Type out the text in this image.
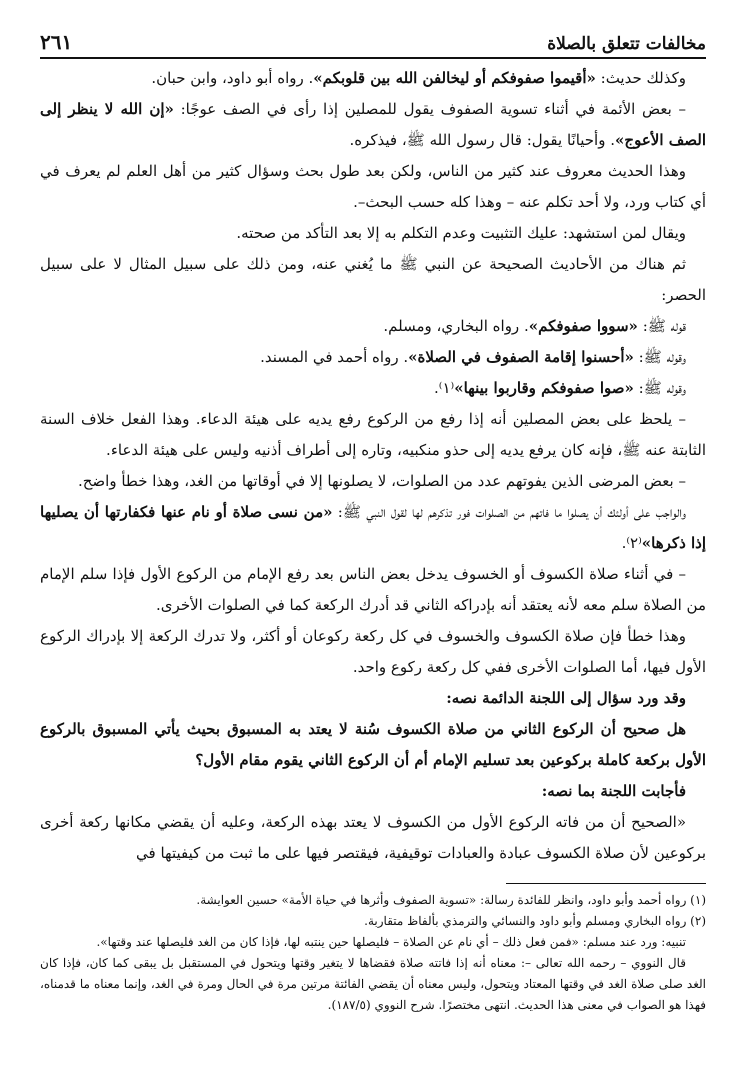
مخالفات تتعلق بالصلاة
٢٦١

وكذلك حديث: «أقيموا صفوفكم أو ليخالفن الله بين قلوبكم». رواه أبو داود، وابن حبان.

– بعض الأئمة في أثناء تسوية الصفوف يقول للمصلين إذا رأى في الصف عوجًا: «إن الله لا ينظر إلى الصف الأعوج». وأحيانًا يقول: قال رسول الله ﷺ، فيذكره.

وهذا الحديث معروف عند كثير من الناس، ولكن بعد طول بحث وسؤال كثير من أهل العلم لم يعرف في أي كتاب ورد، ولا أحد تكلم عنه – وهذا كله حسب البحث–.

ويقال لمن استشهد: عليك التثبيت وعدم التكلم به إلا بعد التأكد من صحته.

ثم هناك من الأحاديث الصحيحة عن النبي ﷺ ما يُغني عنه، ومن ذلك على سبيل المثال لا على سبيل الحصر:

قوله ﷺ: «سووا صفوفكم». رواه البخاري، ومسلم.

وقوله ﷺ: «أحسنوا إقامة الصفوف في الصلاة». رواه أحمد في المسند.

وقوله ﷺ: «صوا صفوفكم وقاربوا بينها»⁽١⁾.

– يلحظ على بعض المصلين أنه إذا رفع من الركوع رفع يديه على هيئة الدعاء. وهذا الفعل خلاف السنة الثابتة عنه ﷺ، فإنه كان يرفع يديه إلى حذو منكبيه، وتاره إلى أطراف أذنيه وليس على هيئة الدعاء.

– بعض المرضى الذين يفوتهم عدد من الصلوات، لا يصلونها إلا في أوقاتها من الغد، وهذا خطأ واضح.

والواجب على أولئك أن يصلوا ما فاتهم من الصلوات فور تذكرهم لها لقول النبي ﷺ: «من نسى صلاة أو نام عنها فكفارتها أن يصليها إذا ذكرها»⁽٢⁾.

– في أثناء صلاة الكسوف أو الخسوف يدخل بعض الناس بعد رفع الإمام من الركوع الأول فإذا سلم الإمام من الصلاة سلم معه لأنه يعتقد أنه بإدراكه الثاني قد أدرك الركعة كما في الصلوات الأخرى.

وهذا خطأ فإن صلاة الكسوف والخسوف في كل ركعة ركوعان أو أكثر، ولا تدرك الركعة إلا بإدراك الركوع الأول فيها، أما الصلوات الأخرى ففي كل ركعة ركوع واحد.

وقد ورد سؤال إلى اللجنة الدائمة نصه:

هل صحيح أن الركوع الثاني من صلاة الكسوف سُنة لا يعتد به المسبوق بحيث يأتي المسبوق بالركوع الأول بركعة كاملة بركوعين بعد تسليم الإمام أم أن الركوع الثاني يقوم مقام الأول؟

فأجابت اللجنة بما نصه:

«الصحيح أن من فاته الركوع الأول من الكسوف لا يعتد بهذه الركعة، وعليه أن يقضي مكانها ركعة أخرى بركوعين لأن صلاة الكسوف عبادة والعبادات توقيفية، فيقتصر فيها على ما ثبت من كيفيتها في

(١) رواه أحمد وأبو داود، وانظر للفائدة رسالة: «تسوية الصفوف وأثرها في حياة الأمة» حسين العوايشة.

(٢) رواه البخاري ومسلم وأبو داود والنسائي والترمذي بألفاظ متقاربة.

تنبيه: ورد عند مسلم: «فمن فعل ذلك – أي نام عن الصلاة – فليصلها حين ينتبه لها، فإذا كان من الغد فليصلها عند وقتها».

قال النووي – رحمه الله تعالى –: معناه أنه إذا فاتته صلاة فقضاها لا يتغير وقتها ويتحول في المستقبل بل يبقى كما كان، فإذا كان الغد صلى صلاة الغد في وقتها المعتاد ويتحول، وليس معناه أن يقضي الفائتة مرتين مرة في الحال ومرة في الغد، وإنما معناه ما قدمناه، فهذا هو الصواب في معنى هذا الحديث. انتهى مختصرًا. شرح النووي (١٨٧/٥).
